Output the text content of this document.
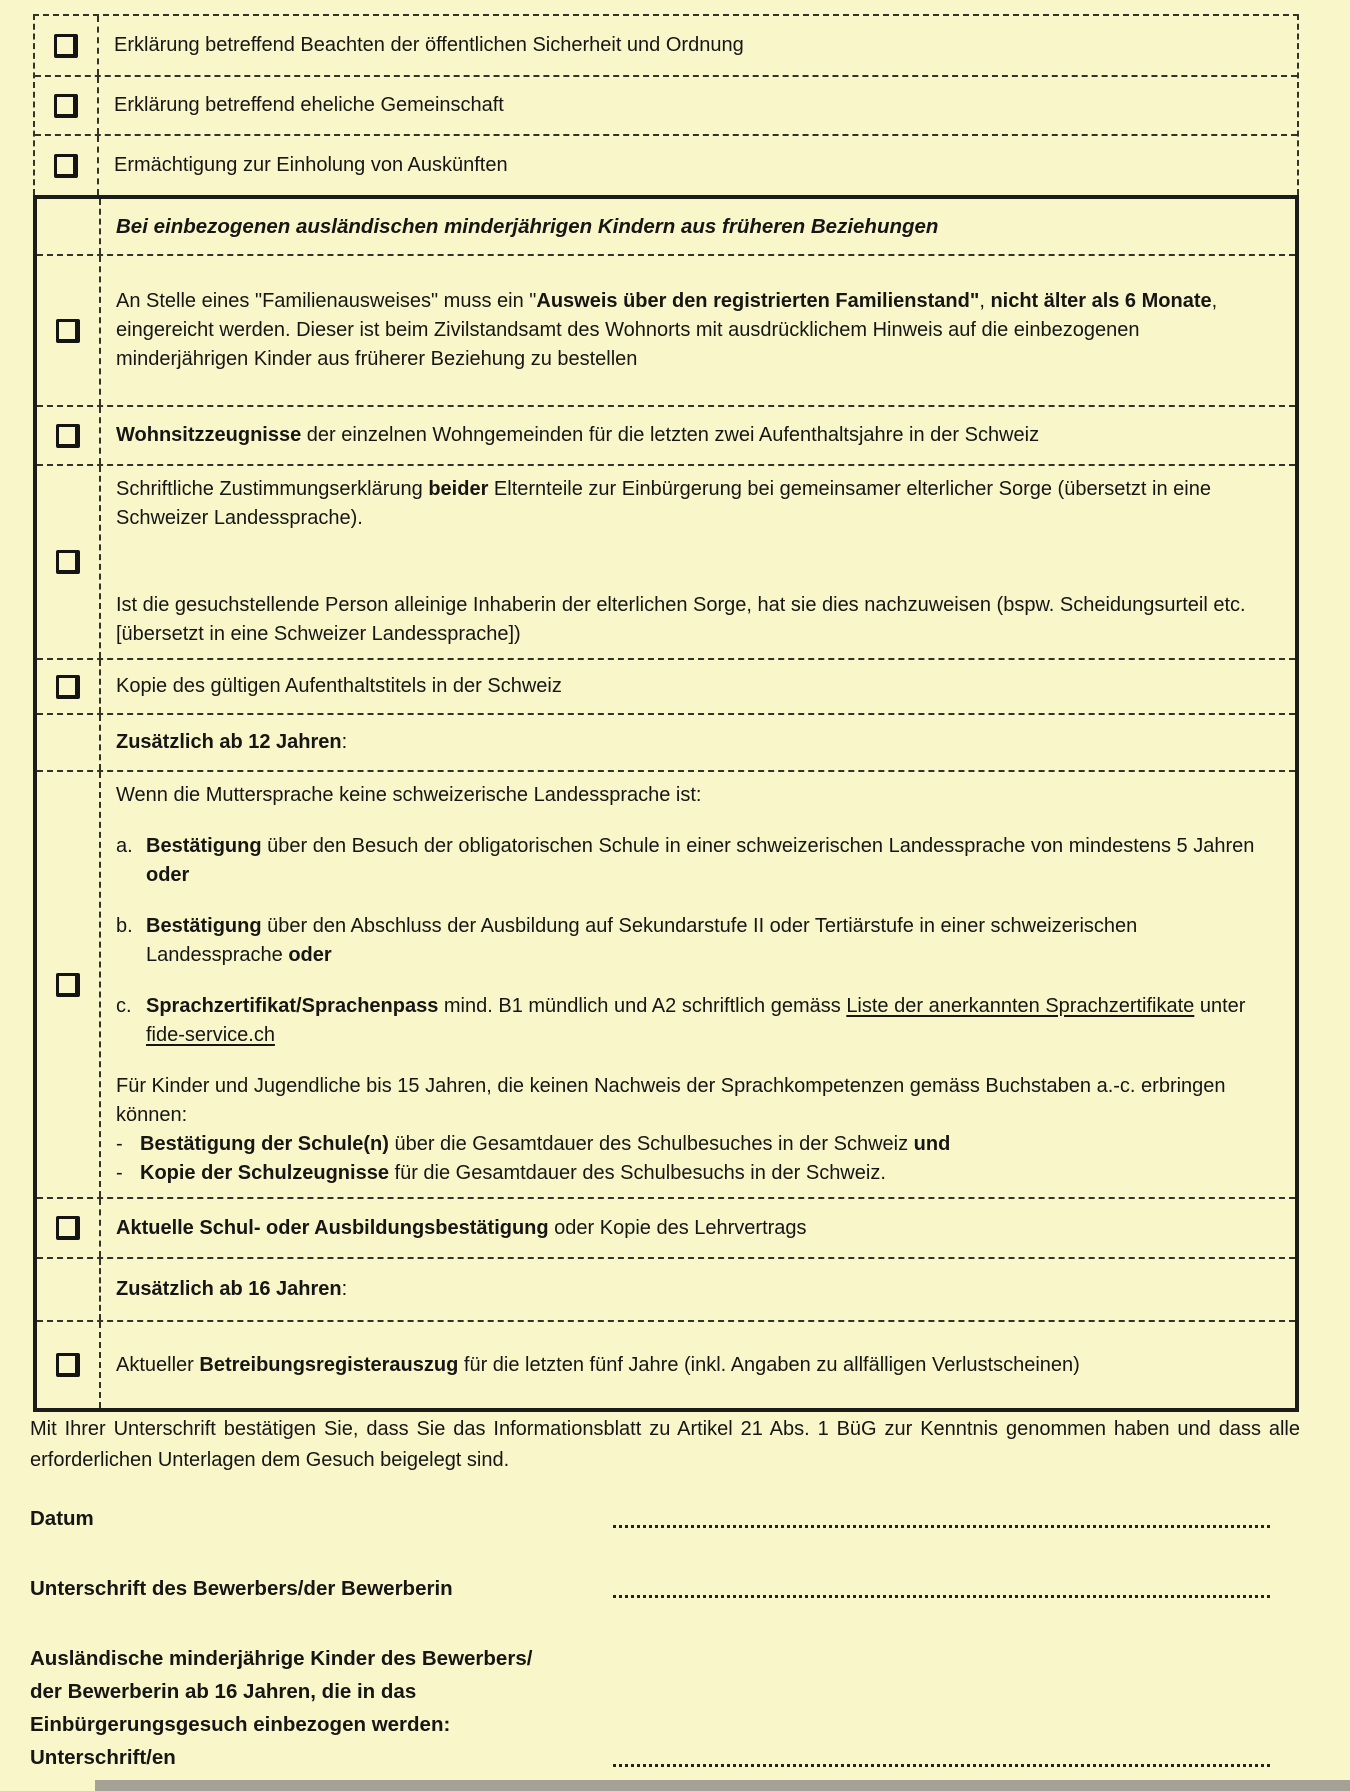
Erklärung betreffend Beachten der öffentlichen Sicherheit und Ordnung
Erklärung betreffend eheliche Gemeinschaft
Ermächtigung zur Einholung von Auskünften
Bei einbezogenen ausländischen minderjährigen Kindern aus früheren Beziehungen
An Stelle eines "Familienausweises" muss ein "Ausweis über den registrierten Familienstand", nicht älter als 6 Monate, eingereicht werden. Dieser ist beim Zivilstandsamt des Wohnorts mit ausdrücklichem Hinweis auf die einbezogenen minderjährigen Kinder aus früherer Beziehung zu bestellen
Wohnsitzzeugnisse der einzelnen Wohngemeinden für die letzten zwei Aufenthaltsjahre in der Schweiz
Schriftliche Zustimmungserklärung beider Elternteile zur Einbürgerung bei gemeinsamer elterlicher Sorge (übersetzt in eine Schweizer Landessprache).
Ist die gesuchstellende Person alleinige Inhaberin der elterlichen Sorge, hat sie dies nachzuweisen (bspw. Scheidungsurteil etc. [übersetzt in eine Schweizer Landessprache])
Kopie des gültigen Aufenthaltstitels in der Schweiz
Zusätzlich ab 12 Jahren:
Wenn die Muttersprache keine schweizerische Landessprache ist:
a. Bestätigung über den Besuch der obligatorischen Schule in einer schweizerischen Landessprache von mindestens 5 Jahren oder
b. Bestätigung über den Abschluss der Ausbildung auf Sekundarstufe II oder Tertiärstufe in einer schweizerischen Landessprache oder
c. Sprachzertifikat/Sprachenpass mind. B1 mündlich und A2 schriftlich gemäss Liste der anerkannten Sprachzertifikate unter fide-service.ch
Für Kinder und Jugendliche bis 15 Jahren, die keinen Nachweis der Sprachkompetenzen gemäss Buchstaben a.-c. erbringen können:
- Bestätigung der Schule(n) über die Gesamtdauer des Schulbesuches in der Schweiz und
- Kopie der Schulzeugnisse für die Gesamtdauer des Schulbesuchs in der Schweiz.
Aktuelle Schul- oder Ausbildungsbestätigung oder Kopie des Lehrvertrags
Zusätzlich ab 16 Jahren:
Aktueller Betreibungsregisterauszug für die letzten fünf Jahre (inkl. Angaben zu allfälligen Verlustscheinen)

Mit Ihrer Unterschrift bestätigen Sie, dass Sie das Informationsblatt zu Artikel 21 Abs. 1 BüG zur Kenntnis genommen haben und dass alle erforderlichen Unterlagen dem Gesuch beigelegt sind.

Datum
Unterschrift des Bewerbers/der Bewerberin
Ausländische minderjährige Kinder des Bewerbers/
der Bewerberin ab 16 Jahren, die in das
Einbürgerungsgesuch einbezogen werden:
Unterschrift/en
